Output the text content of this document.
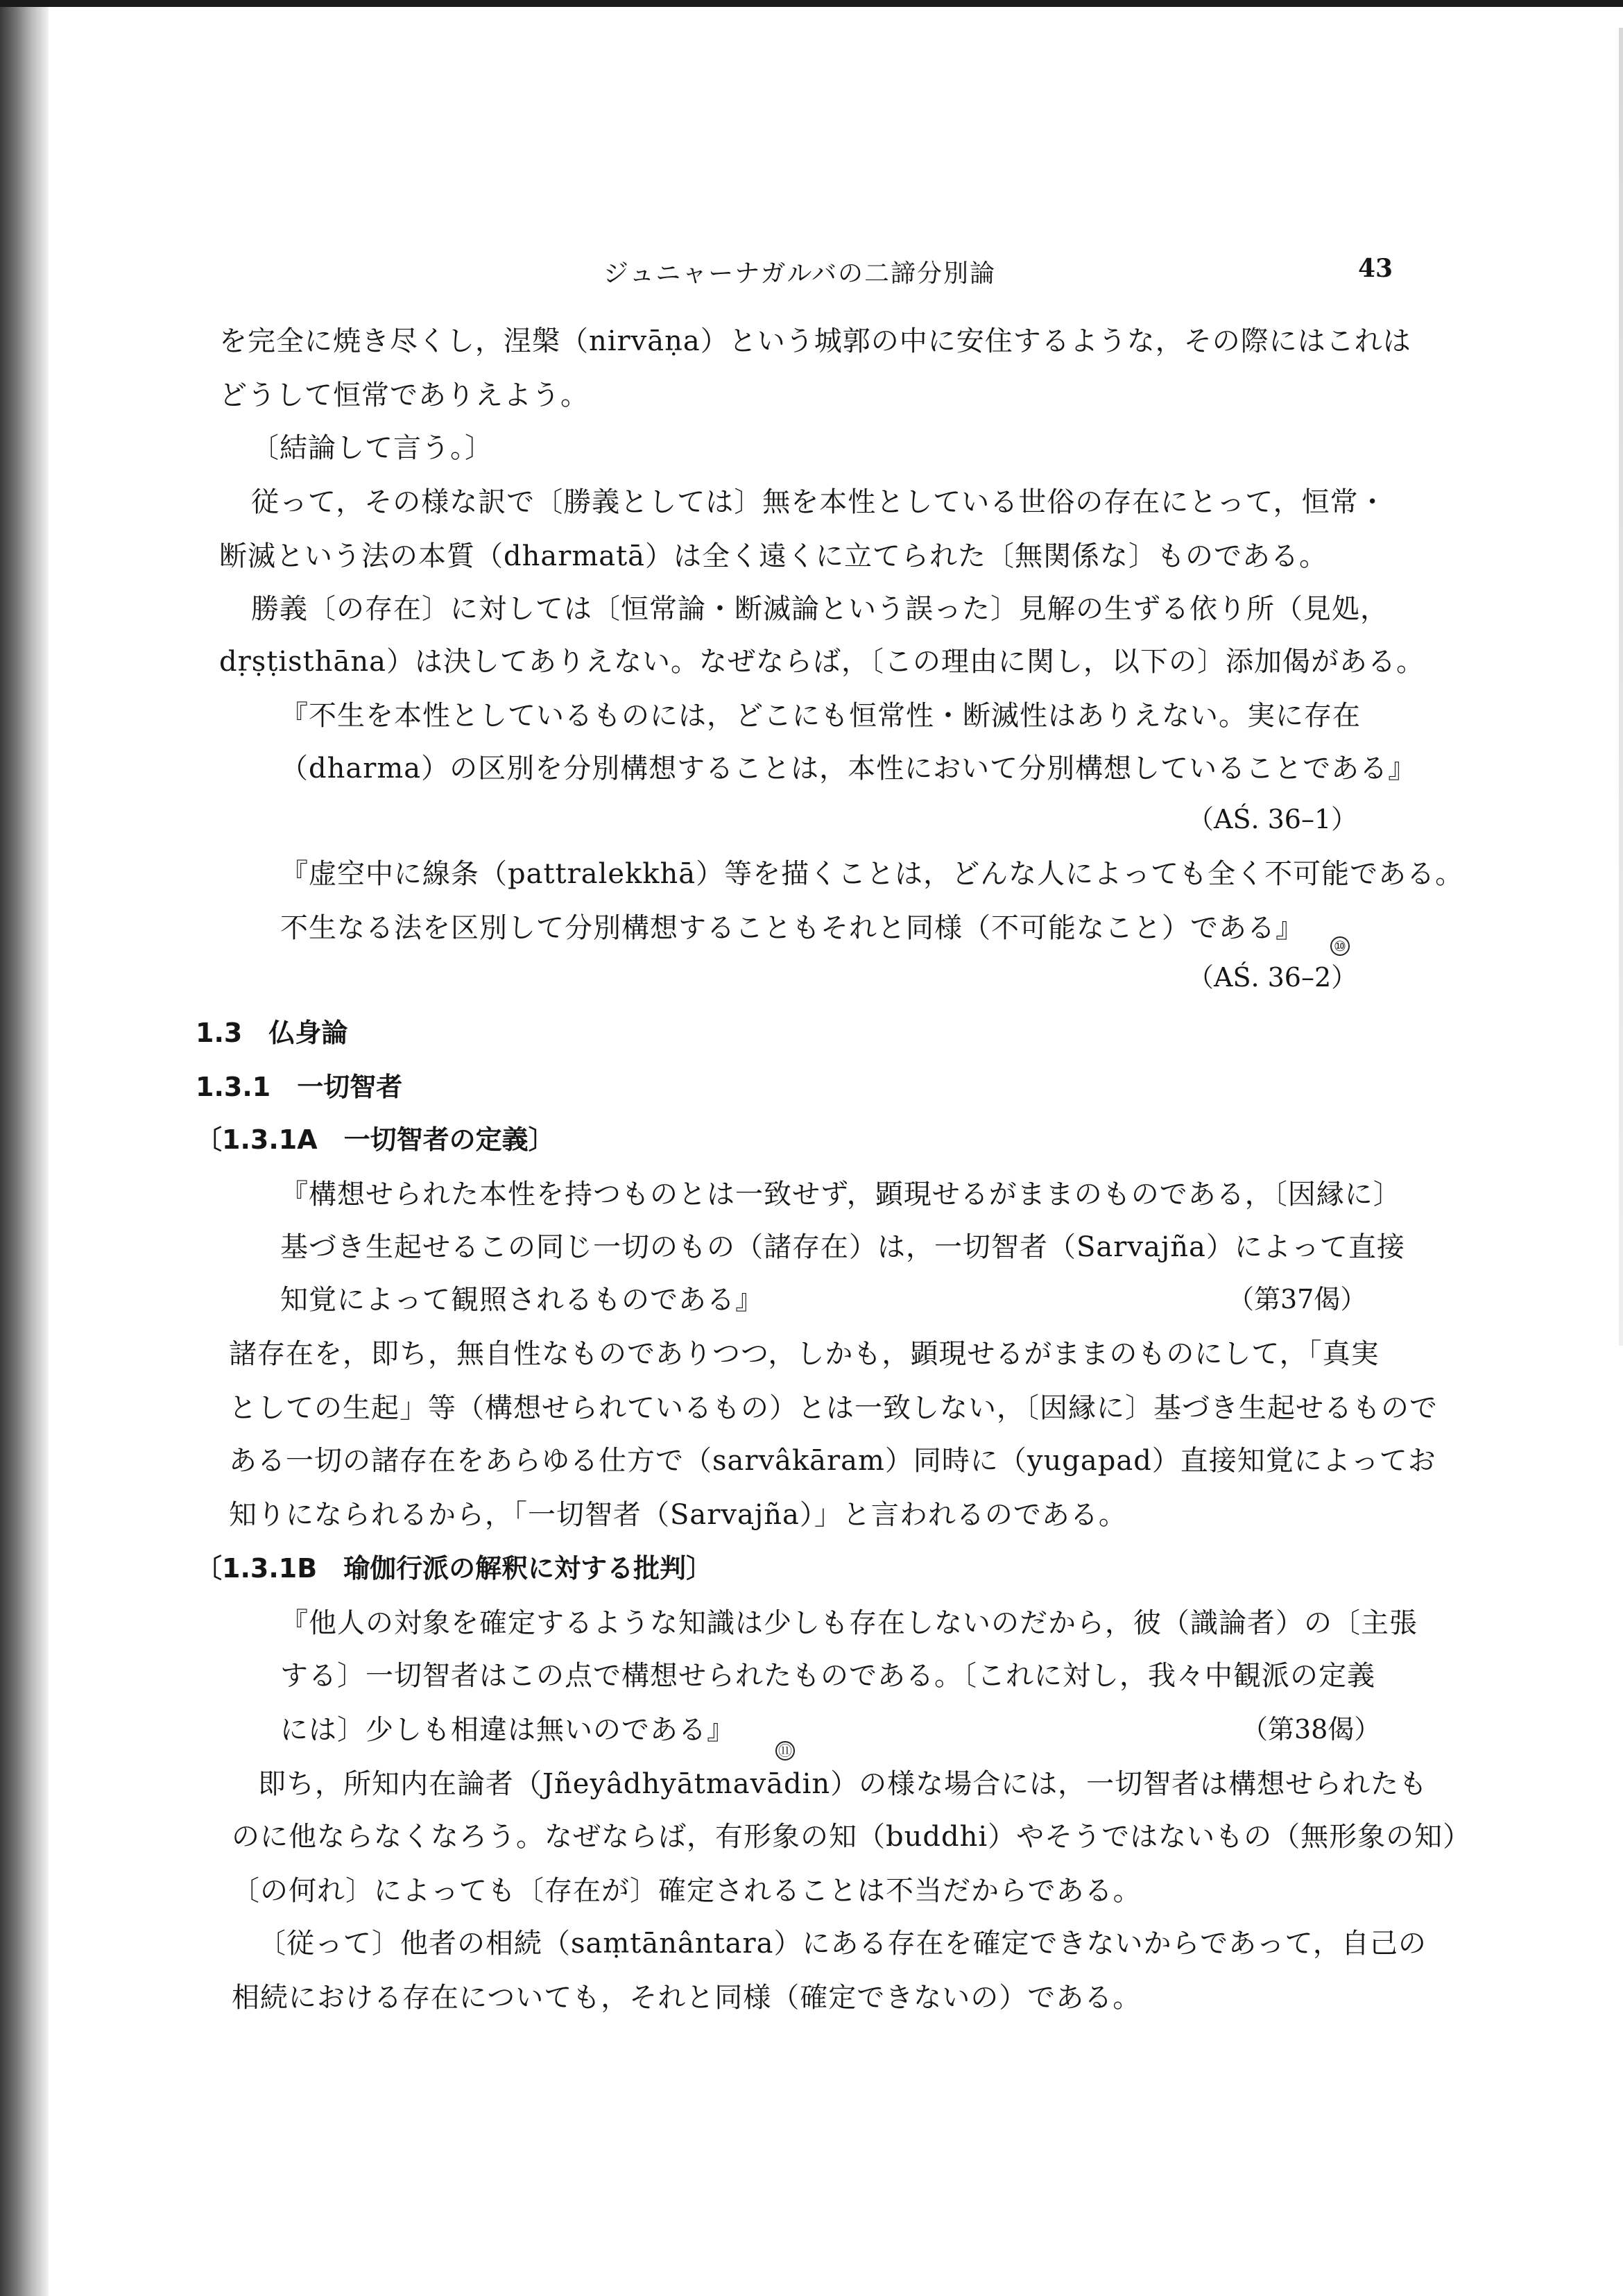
ジュニャーナガルバの二諦分別論	43
を完全に焼き尽くし，涅槃（nirvāṇa）という城郭の中に安住するような，その際にはこれは
どうして恒常でありえよう。
〔結論して言う。〕
従って，その様な訳で〔勝義としては〕無を本性としている世俗の存在にとって，恒常・
断滅という法の本質（dharmatā）は全く遠くに立てられた〔無関係な〕ものである。
勝義〔の存在〕に対しては〔恒常論・断滅論という誤った〕見解の生ずる依り所（見処，
dṛṣṭisthāna）は決してありえない。なぜならば，〔この理由に関し，以下の〕添加偈がある。
『不生を本性としているものには，どこにも恒常性・断滅性はありえない。実に存在
（dharma）の区別を分別構想することは，本性において分別構想していることである』
（AŚ. 36–1）
『虚空中に線条（pattralekkhā）等を描くことは，どんな人によっても全く不可能である。
不生なる法を区別して分別構想することもそれと同様（不可能なこと）である』
⑩
（AŚ. 36–2）
1.3　仏身論
1.3.1　一切智者
〔1.3.1A　一切智者の定義〕
『構想せられた本性を持つものとは一致せず，顕現せるがままのものである，〔因縁に〕
基づき生起せるこの同じ一切のもの（諸存在）は，一切智者（Sarvajña）によって直接
知覚によって観照されるものである』	（第37偈）
諸存在を，即ち，無自性なものでありつつ，しかも，顕現せるがままのものにして，「真実
としての生起」等（構想せられているもの）とは一致しない，〔因縁に〕基づき生起せるもので
ある一切の諸存在をあらゆる仕方で（sarvâkāram）同時に（yugapad）直接知覚によってお
知りになられるから，「一切智者（Sarvajña）」と言われるのである。
〔1.3.1B　瑜伽行派の解釈に対する批判〕
『他人の対象を確定するような知識は少しも存在しないのだから，彼（識論者）の〔主張
する〕一切智者はこの点で構想せられたものである。〔これに対し，我々中観派の定義
には〕少しも相違は無いのである』	（第38偈）
⑪
即ち，所知内在論者（Jñeyâdhyātmavādin）の様な場合には，一切智者は構想せられたも
のに他ならなくなろう。なぜならば，有形象の知（buddhi）やそうではないもの（無形象の知）
〔の何れ〕によっても〔存在が〕確定されることは不当だからである。
〔従って〕他者の相続（saṃtānântara）にある存在を確定できないからであって，自己の
相続における存在についても，それと同様（確定できないの）である。
